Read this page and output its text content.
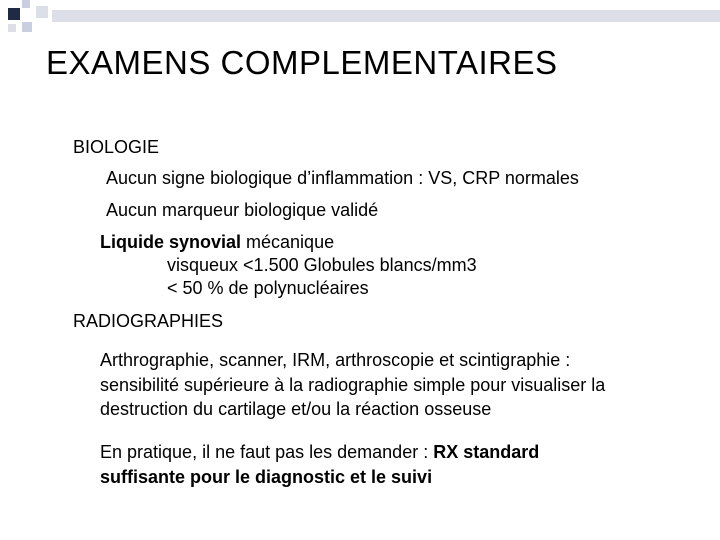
EXAMENS COMPLEMENTAIRES
BIOLOGIE
Aucun signe biologique d’inflammation : VS, CRP normales
Aucun marqueur biologique validé
Liquide synovial mécanique
visqueux <1.500 Globules blancs/mm3
< 50 % de polynucléaires
RADIOGRAPHIES
Arthrographie, scanner, IRM, arthroscopie et scintigraphie :
sensibilité supérieure à la radiographie simple pour visualiser la
destruction du cartilage et/ou la réaction osseuse
En pratique, il ne faut pas les demander : RX standard
suffisante pour le diagnostic et le suivi
